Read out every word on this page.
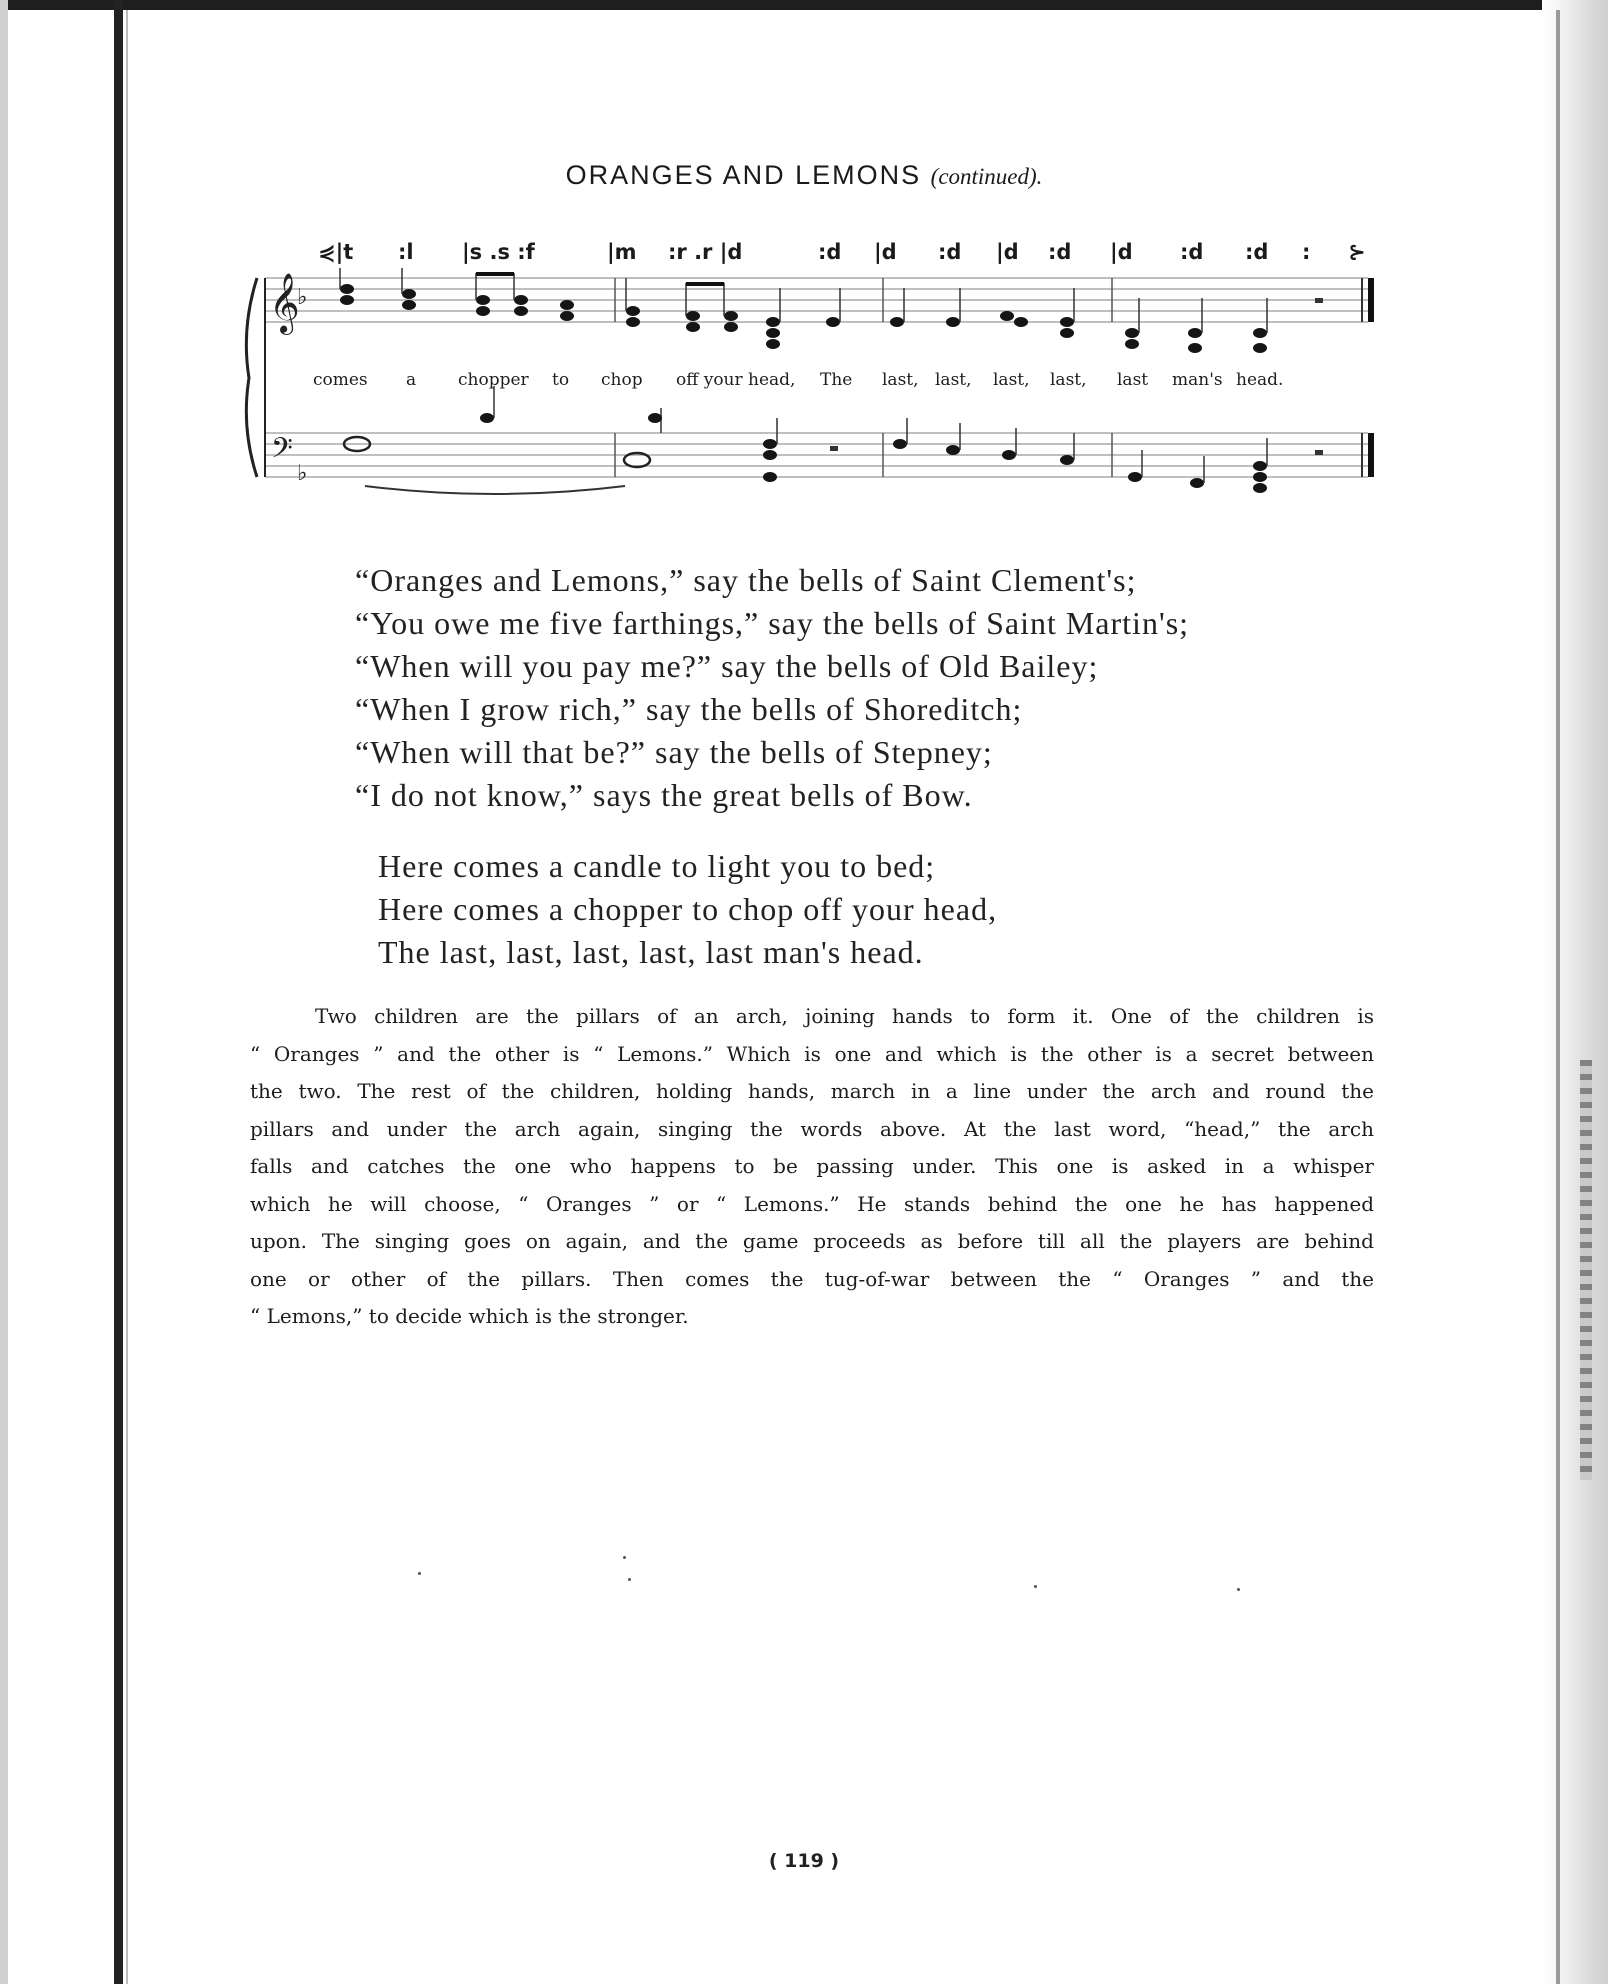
ORANGES AND LEMONS (continued).
⋞|t :l |s .s :f	|m :r .r |d	:d |d :d |d :d |d :d :d : ⊱
𝄞
𝄢
♭
♭
comes a chopper to chop off your head, The last, last, last, last, last man's head.
“Oranges and Lemons,” say the bells of Saint Clement's;
“You owe me five farthings,” say the bells of Saint Martin's;
“When will you pay me?” say the bells of Old Bailey;
“When I grow rich,” say the bells of Shoreditch;
“When will that be?” say the bells of Stepney;
“I do not know,” says the great bells of Bow.
Here comes a candle to light you to bed;
Here comes a chopper to chop off your head,
The last, last, last, last, last man's head.

Two children are the pillars of an arch, joining hands to form it. One of the children is

“ Oranges ” and the other is “ Lemons.” Which is one and which is the other is a secret between

the two. The rest of the children, holding hands, march in a line under the arch and round the

pillars and under the arch again, singing the words above. At the last word, “head,” the arch

falls and catches the one who happens to be passing under. This one is asked in a whisper

which he will choose, “ Oranges ” or “ Lemons.” He stands behind the one he has happened

upon. The singing goes on again, and the game proceeds as before till all the players are behind

one or other of the pillars. Then comes the tug-of-war between the “ Oranges ” and the

“ Lemons,” to decide which is the stronger.

( 119 )
